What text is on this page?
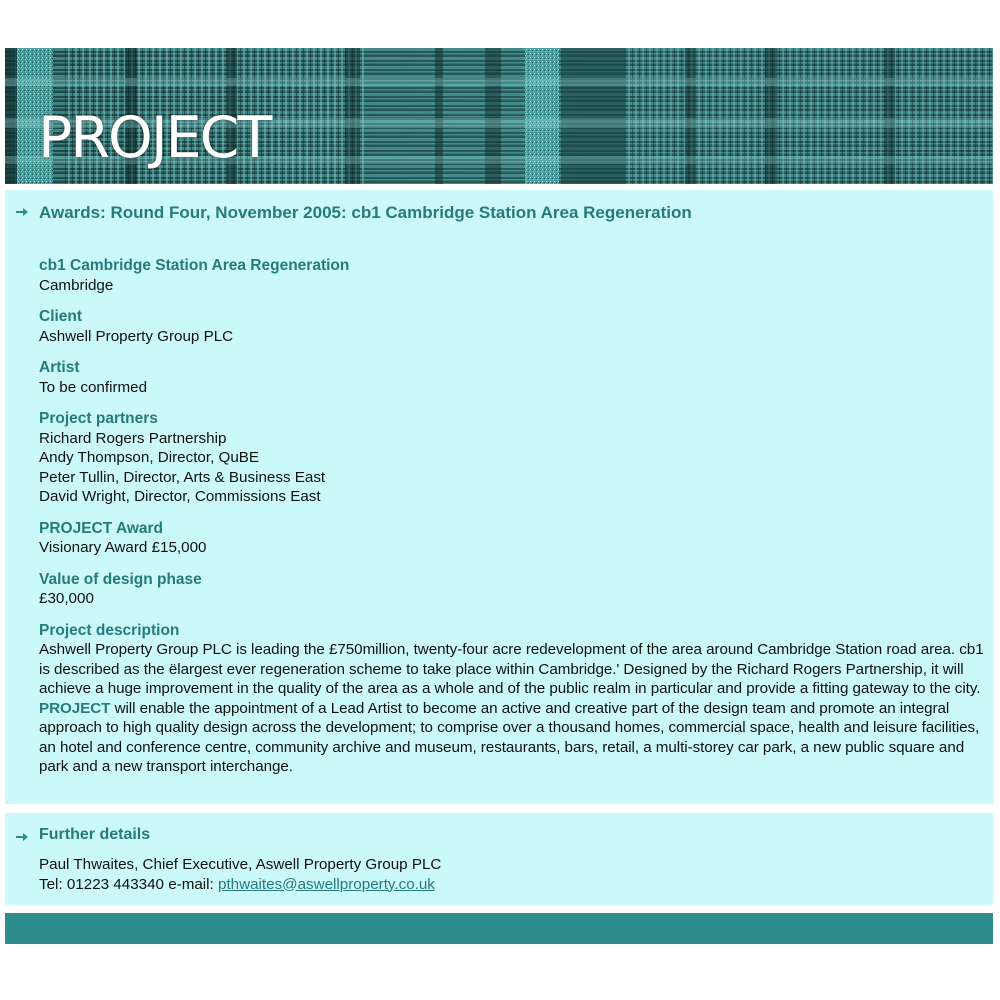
PROJECT
Awards: Round Four, November 2005: cb1 Cambridge Station Area Regeneration
cb1 Cambridge Station Area Regeneration
Cambridge
Client
Ashwell Property Group PLC
Artist
To be confirmed
Project partners
Richard Rogers Partnership
Andy Thompson, Director, QuBE
Peter Tullin, Director, Arts & Business East
David Wright, Director, Commissions East
PROJECT Award
Visionary Award £15,000
Value of design phase
£30,000
Project description
Ashwell Property Group PLC is leading the £750million, twenty-four acre redevelopment of the area around Cambridge Station road area. cb1 is described as the ëlargest ever regeneration scheme to take place within Cambridge.' Designed by the Richard Rogers Partnership, it will achieve a huge improvement in the quality of the area as a whole and of the public realm in particular and provide a fitting gateway to the city. PROJECT will enable the appointment of a Lead Artist to become an active and creative part of the design team and promote an integral approach to high quality design across the development; to comprise over a thousand homes, commercial space, health and leisure facilities, an hotel and conference centre, community archive and museum, restaurants, bars, retail, a multi-storey car park, a new public square and park and a new transport interchange.
Further details
Paul Thwaites, Chief Executive, Aswell Property Group PLC
Tel: 01223 443340 e-mail: pthwaites@aswellproperty.co.uk
